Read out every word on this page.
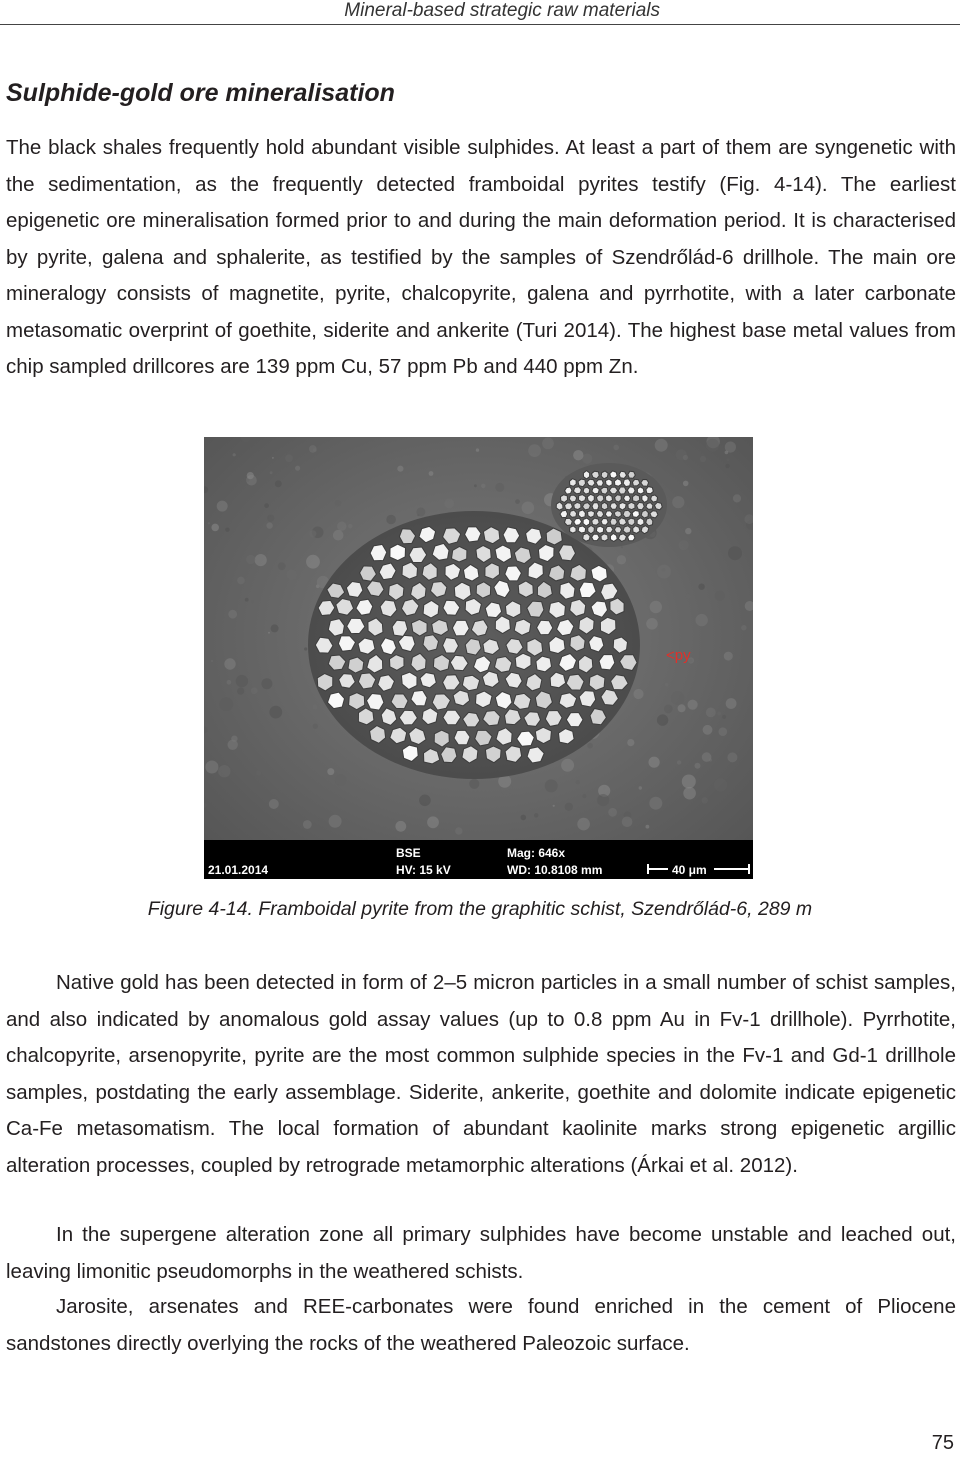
Mineral-based strategic raw materials
Sulphide-gold ore mineralisation

The black shales frequently hold abundant visible sulphides. At least a part of them are syngenetic with the sedimentation, as the frequently detected framboidal pyrites testify (Fig. 4-14). The earliest epigenetic ore mineralisation formed prior to and during the main deformation period. It is characterised by pyrite, galena and sphalerite, as testified by the samples of Szendrőlád-6 drillhole. The main ore mineralogy consists of magnetite, pyrite, chalcopyrite, galena and pyrrhotite, with a later carbonate metasomatic overprint of goethite, siderite and ankerite (Turi 2014). The highest base metal values from chip sampled drillcores are 139 ppm Cu, 57 ppm Pb and 440 ppm Zn.

<py
21.01.2014
BSE
HV: 15 kV
Mag: 646x
WD: 10.8108 mm	40 μm
Figure 4-14. Framboidal pyrite from the graphitic schist, Szendrőlád-6, 289 m

Native gold has been detected in form of 2–5 micron particles in a small number of schist samples, and also indicated by anomalous gold assay values (up to 0.8 ppm Au in Fv-1 drillhole). Pyrrhotite, chalcopyrite, arsenopyrite, pyrite are the most common sulphide species in the Fv-1 and Gd-1 drillhole samples, postdating the early assemblage. Siderite, ankerite, goethite and dolomite indicate epigenetic Ca-Fe metasomatism. The local formation of abundant kaolinite marks strong epigenetic argillic alteration processes, coupled by retrograde metamorphic alterations (Árkai et al. 2012).

In the supergene alteration zone all primary sulphides have become unstable and leached out, leaving limonitic pseudomorphs in the weathered schists.

Jarosite, arsenates and REE-carbonates were found enriched in the cement of Pliocene sandstones directly overlying the rocks of the weathered Paleozoic surface.

75
